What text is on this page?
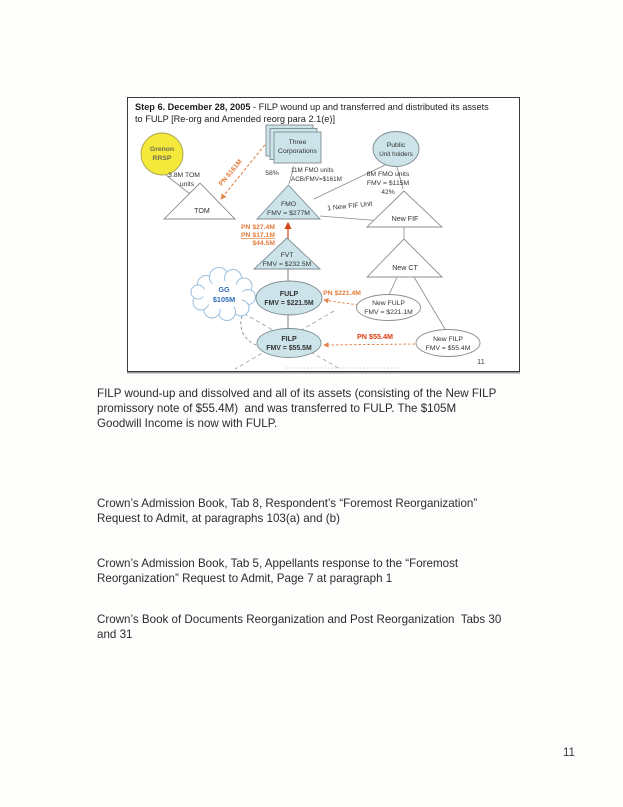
Step 6. December 28, 2005 - FILP wound up and transferred and distributed its assets
to FULP [Re-org and Amended reorg para 2.1(e)]
Grenon
RRSP
Three
Corporations
Public
Unit holders
TOM
FMO
FMV = $277M
New FIF
FVT
FMV = $232.5M	New CT
GG
$105M
FULP
FMV = $221.5M	New FULP
FMV = $221.1M
FILP
FMV = $55.5M
New FILP
FMV = $55.4M
3.8M TOM
units	PN $161M	58% 11M FMO units
ACB/FMV=$161M
8M FMO units
FMV = $115M
42%
1 New FIF Unit
PN $27.4M
PN $17.1M
$44.5M
PN $221.4M
PN $55.4M
11
FILP wound-up and dissolved and all of its assets (consisting of the New FILP
promissory note of $55.4M)  and was transferred to FULP. The $105M
Goodwill Income is now with FULP.
Crown’s Admission Book, Tab 8, Respondent’s “Foremost Reorganization”
Request to Admit, at paragraphs 103(a) and (b)
Crown’s Admission Book, Tab 5, Appellants response to the “Foremost
Reorganization” Request to Admit, Page 7 at paragraph 1
Crown’s Book of Documents Reorganization and Post Reorganization  Tabs 30
and 31
11
